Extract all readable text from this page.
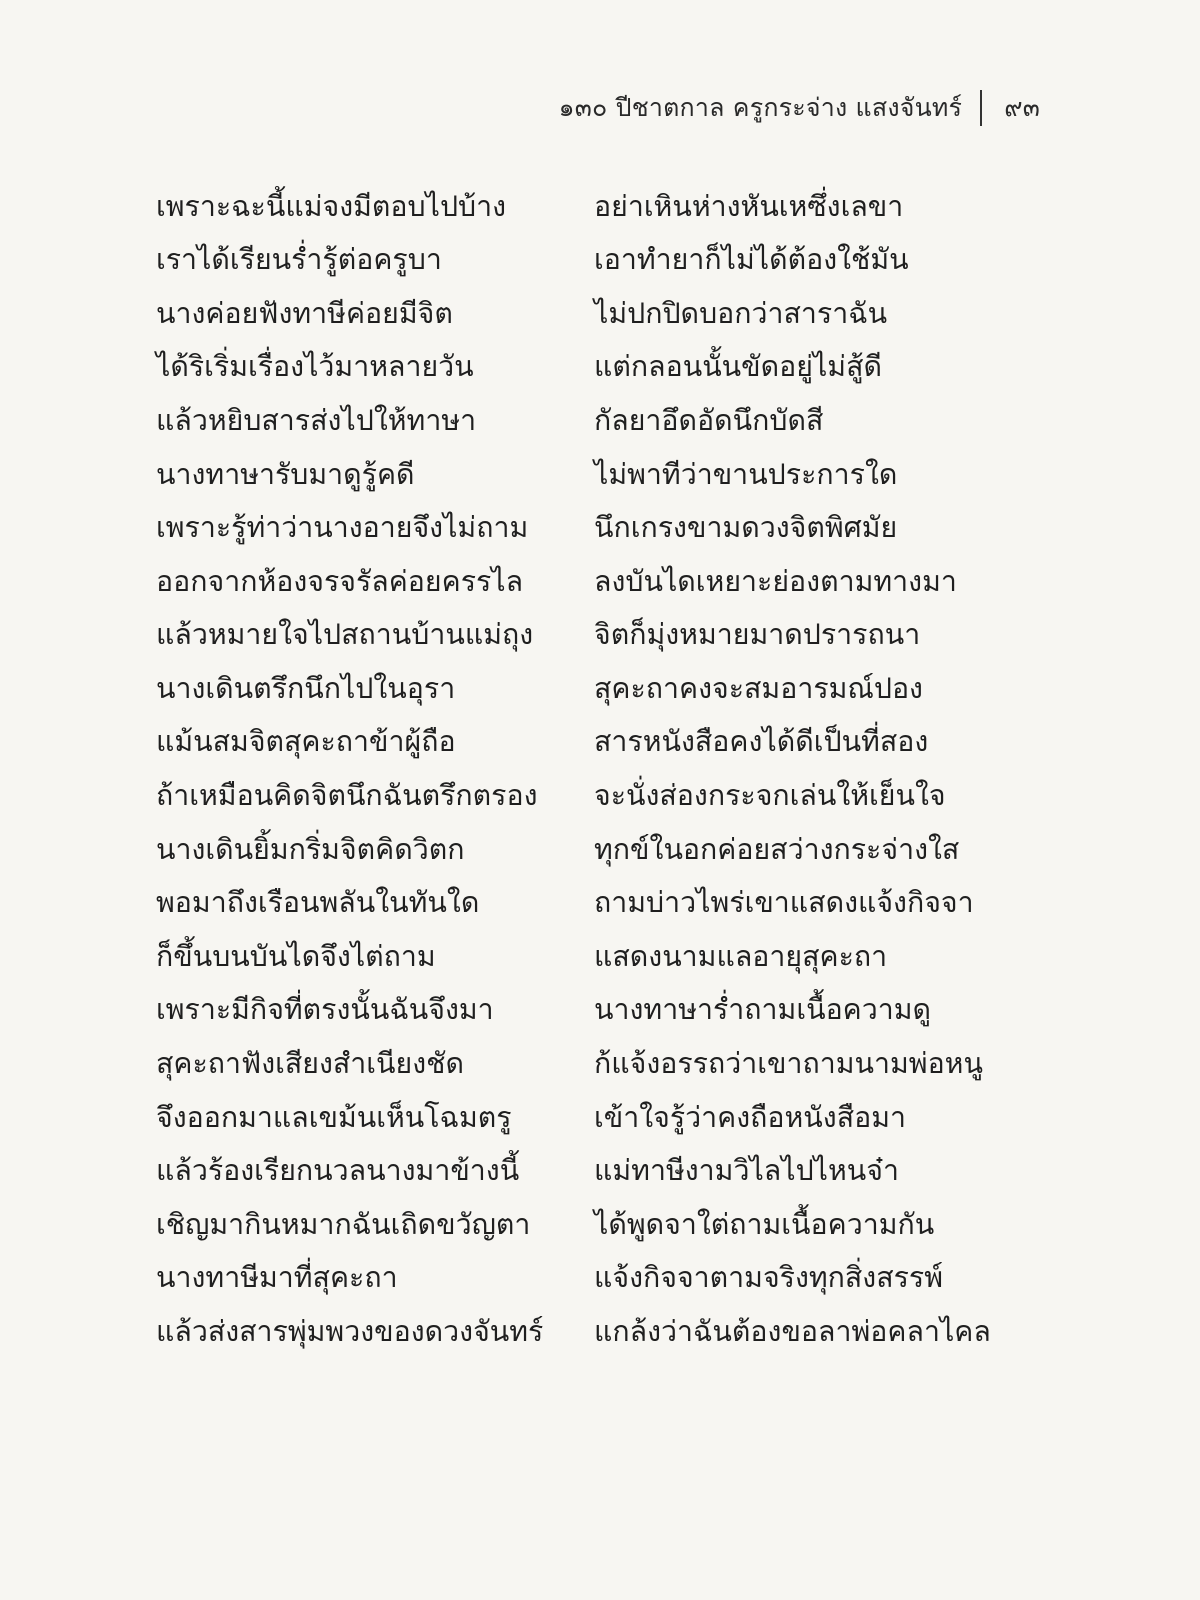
๑๓๐ ปีชาตกาล ครูกระจ่าง แสงจันทร์ ๙๓
เพราะฉะนี้แม่จงมีตอบไปบ้าง	อย่าเหินห่างหันเหซึ่งเลขา
เราได้เรียนร่ำรู้ต่อครูบา	เอาทำยาก็ไม่ได้ต้องใช้มัน
นางค่อยฟังทาษีค่อยมีจิต	ไม่ปกปิดบอกว่าสาราฉัน
ได้ริเริ่มเรื่องไว้มาหลายวัน	แต่กลอนนั้นขัดอยู่ไม่สู้ดี
แล้วหยิบสารส่งไปให้ทาษา	กัลยาอึดอัดนึกบัดสี
นางทาษารับมาดูรู้คดี	ไม่พาทีว่าขานประการใด
เพราะรู้ท่าว่านางอายจึงไม่ถาม	นึกเกรงขามดวงจิตพิศมัย
ออกจากห้องจรจรัลค่อยครรไล	ลงบันไดเหยาะย่องตามทางมา
แล้วหมายใจไปสถานบ้านแม่ถุง	จิตก็มุ่งหมายมาดปรารถนา
นางเดินตรึกนึกไปในอุรา	สุคะถาคงจะสมอารมณ์ปอง
แม้นสมจิตสุคะถาข้าผู้ถือ	สารหนังสือคงได้ดีเป็นที่สอง
ถ้าเหมือนคิดจิตนึกฉันตรึกตรอง	จะนั่งส่องกระจกเล่นให้เย็นใจ
นางเดินยิ้มกริ่มจิตคิดวิตก	ทุกข์ในอกค่อยสว่างกระจ่างใส
พอมาถึงเรือนพลันในทันใด	ถามบ่าวไพร่เขาแสดงแจ้งกิจจา
ก็ขึ้นบนบันไดจึงไต่ถาม	แสดงนามแลอายุสุคะถา
เพราะมีกิจที่ตรงนั้นฉันจึงมา	นางทาษาร่ำถามเนื้อความดู
สุคะถาฟังเสียงสำเนียงชัด	ก้แจ้งอรรถว่าเขาถามนามพ่อหนู
จึงออกมาแลเขม้นเห็นโฉมตรู	เข้าใจรู้ว่าคงถือหนังสือมา
แล้วร้องเรียกนวลนางมาข้างนี้	แม่ทาษีงามวิไลไปไหนจ๋า
เชิญมากินหมากฉันเถิดขวัญตา	ได้พูดจาใต่ถามเนื้อความกัน
นางทาษีมาที่สุคะถา	แจ้งกิจจาตามจริงทุกสิ่งสรรพ์
แล้วส่งสารพุ่มพวงของดวงจันทร์	แกล้งว่าฉันต้องขอลาพ่อคลาไคล
